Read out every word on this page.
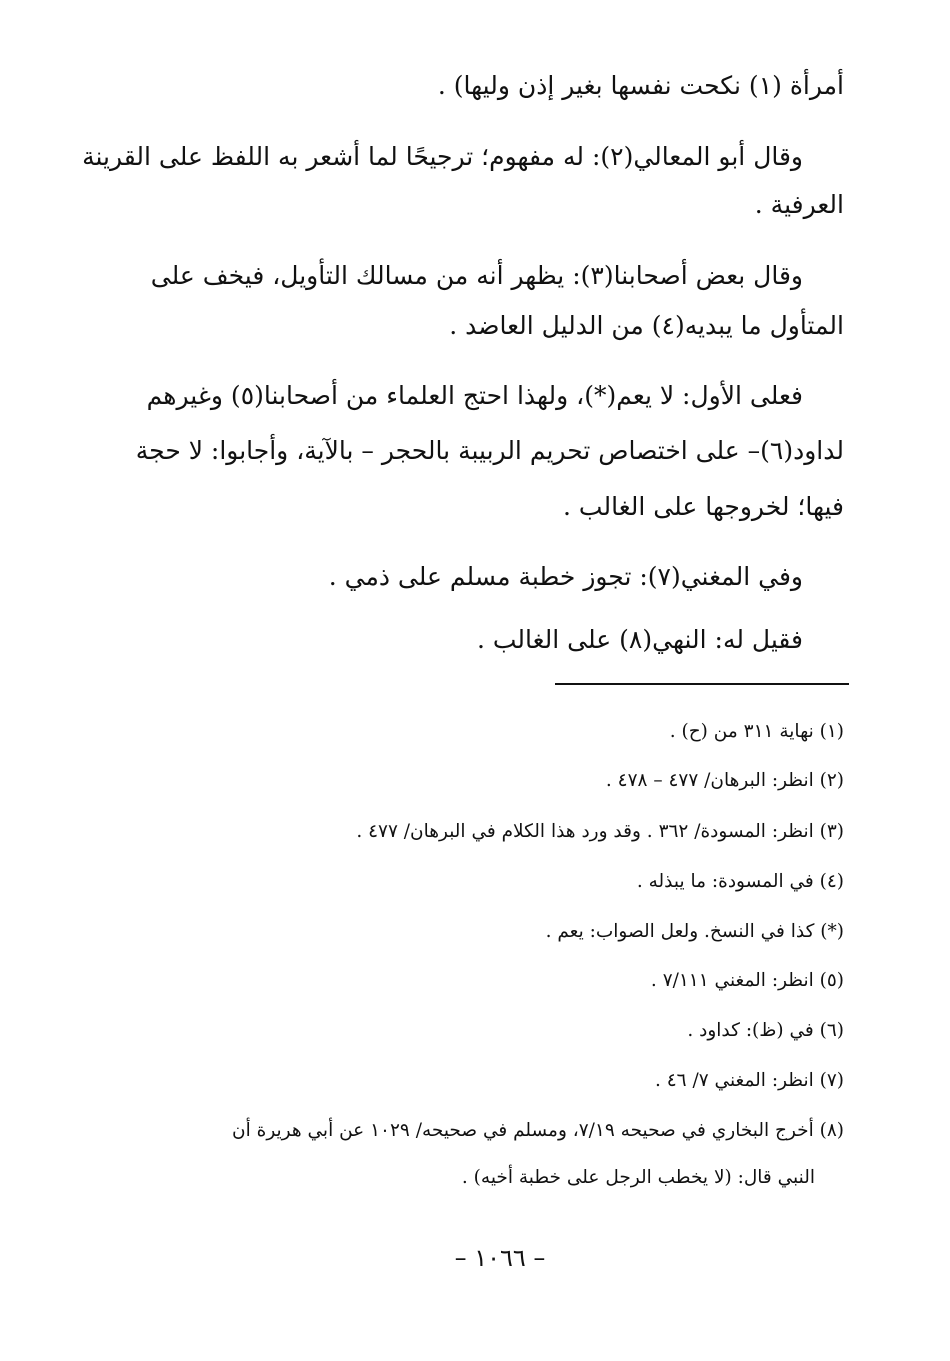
أمرأة (١) نكحت نفسها بغير إذن وليها) .
وقال أبو المعالي(٢): له مفهوم؛ ترجيحًا لما أشعر به اللفظ على القرينة
العرفية .
وقال بعض أصحابنا(٣): يظهر أنه من مسالك التأويل، فيخف على
المتأول ما يبديه(٤) من الدليل العاضد .
فعلى الأول: لا يعم(*)، ولهذا احتج العلماء من أصحابنا(٥) وغيرهم
لداود(٦)– على اختصاص تحريم الربيبة بالحجر – بالآية، وأجابوا: لا حجة
فيها؛ لخروجها على الغالب .
وفي المغني(٧): تجوز خطبة مسلم على ذمي .
فقيل له: النهي(٨) على الغالب .
(١) نهاية ٣١١ من (ح) .
(٢) انظر: البرهان/ ٤٧٧ – ٤٧٨ .
(٣) انظر: المسودة/ ٣٦٢ . وقد ورد هذا الكلام في البرهان/ ٤٧٧ .
(٤) في المسودة: ما يبذله .
(*) كذا في النسخ. ولعل الصواب: يعم .
(٥) انظر: المغني ٧/١١١ .
(٦) في (ظ): كداود .
(٧) انظر: المغني ٧/ ٤٦ .
(٨) أخرج البخاري في صحيحه ٧/١٩، ومسلم في صحيحه/ ١٠٢٩ عن أبي هريرة أن
النبي قال: (لا يخطب الرجل على خطبة أخيه) .
– ١٠٦٦ –
